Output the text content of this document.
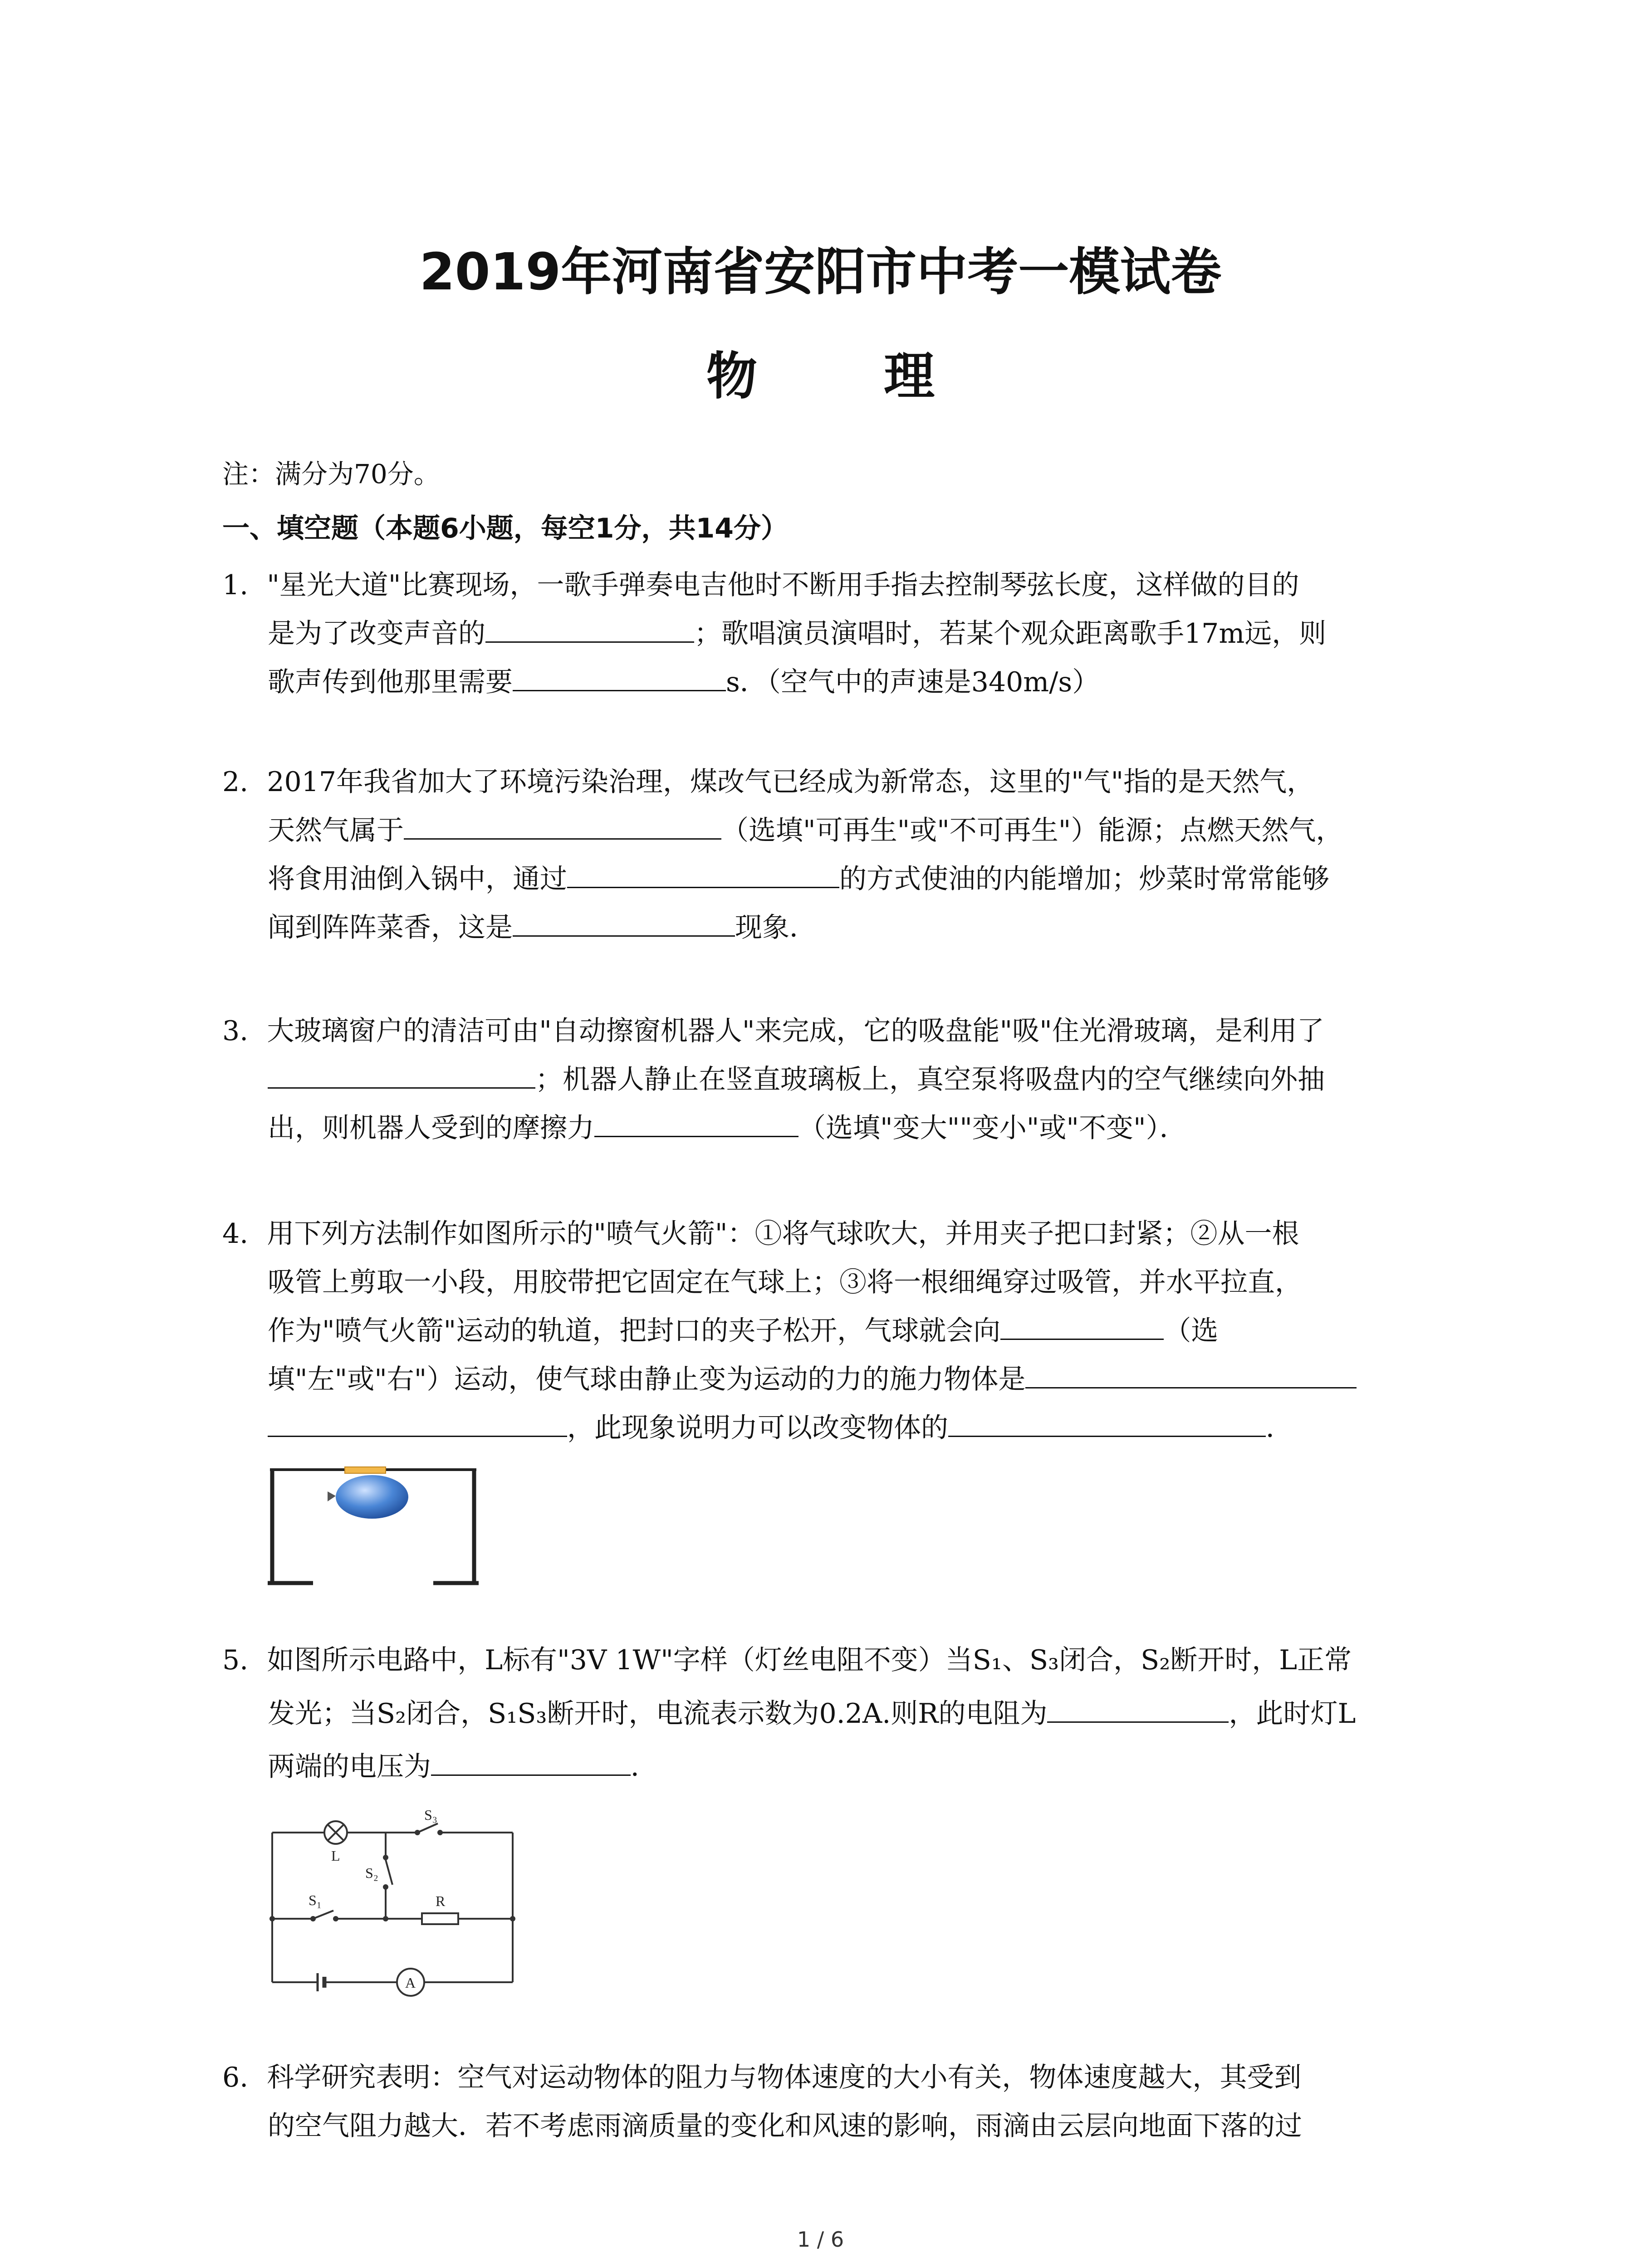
2019年河南省安阳市中考一模试卷
物 理
注：满分为70分。
一、填空题（本题6小题，每空1分，共14分）
1. "星光大道"比赛现场，一歌手弹奏电吉他时不断用手指去控制琴弦长度，这样做的目的
是为了改变声音的	；歌唱演员演唱时，若某个观众距离歌手17m远，则
歌声传到他那里需要	s．（空气中的声速是340m/s）
2. 2017年我省加大了环境污染治理，煤改气已经成为新常态，这里的"气"指的是天然气，
天然气属于	（选填"可再生"或"不可再生"）能源；点燃天然气，
将食用油倒入锅中，通过	的方式使油的内能增加；炒菜时常常能够
闻到阵阵菜香，这是	现象．
3. 大玻璃窗户的清洁可由"自动擦窗机器人"来完成，它的吸盘能"吸"住光滑玻璃，是利用了
；机器人静止在竖直玻璃板上，真空泵将吸盘内的空气继续向外抽
出，则机器人受到的摩擦力	（选填"变大""变小"或"不变"）．
4. 用下列方法制作如图所示的"喷气火箭"：①将气球吹大，并用夹子把口封紧；②从一根
吸管上剪取一小段，用胶带把它固定在气球上；③将一根细绳穿过吸管，并水平拉直，
作为"喷气火箭"运动的轨道，把封口的夹子松开，气球就会向	（选
填"左"或"右"）运动，使气球由静止变为运动的力的施力物体是
，此现象说明力可以改变物体的	．
5. 如图所示电路中，L标有"3V 1W"字样（灯丝电阻不变）当S₁、S₃闭合，S₂断开时，L正常
发光；当S₂闭合，S₁S₃断开时，电流表示数为0.2A.则R的电阻为	，此时灯L
两端的电压为	．
L
S₃
S₂
S₁	R
A
6. 科学研究表明：空气对运动物体的阻力与物体速度的大小有关，物体速度越大，其受到
的空气阻力越大．若不考虑雨滴质量的变化和风速的影响，雨滴由云层向地面下落的过
1 / 6
